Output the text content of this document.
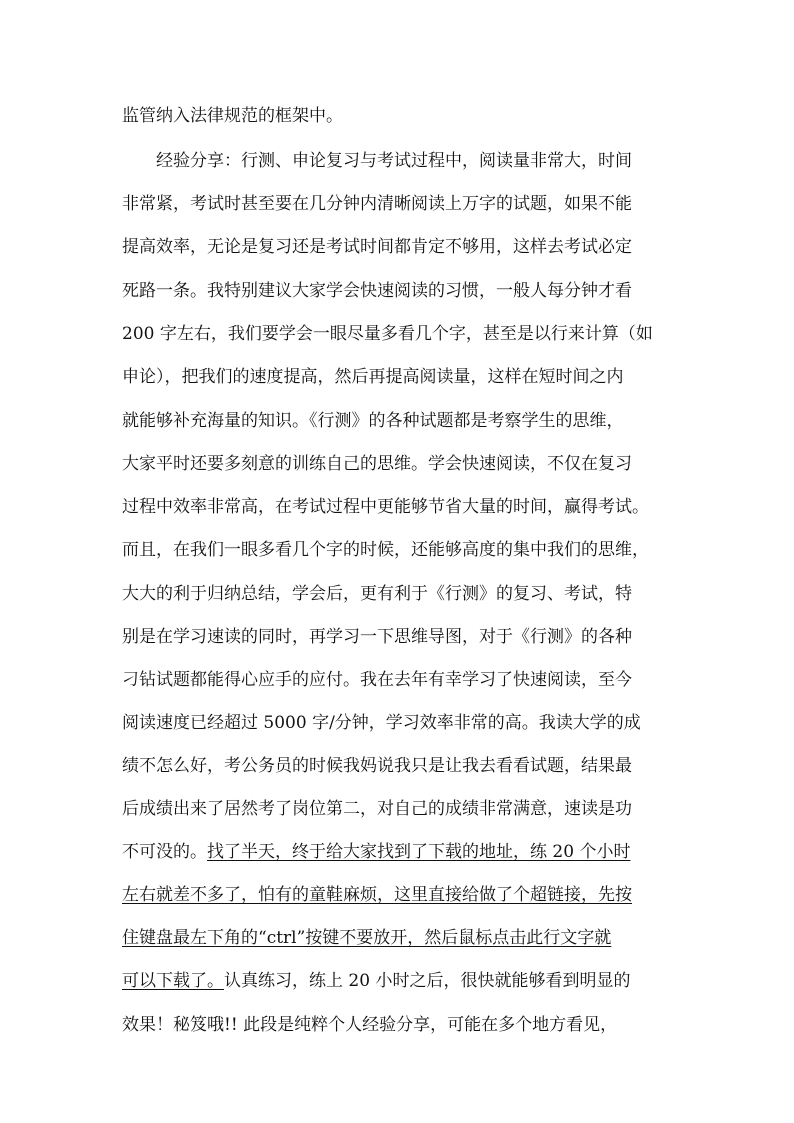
监管纳入法律规范的框架中。
经验分享：行测、申论复习与考试过程中，阅读量非常大，时间
非常紧，考试时甚至要在几分钟内清晰阅读上万字的试题，如果不能
提高效率，无论是复习还是考试时间都肯定不够用，这样去考试必定
死路一条。我特别建议大家学会快速阅读的习惯，一般人每分钟才看
200 字左右，我们要学会一眼尽量多看几个字，甚至是以行来计算（如
申论），把我们的速度提高，然后再提高阅读量，这样在短时间之内
就能够补充海量的知识。《行测》的各种试题都是考察学生的思维，
大家平时还要多刻意的训练自己的思维。学会快速阅读，不仅在复习
过程中效率非常高，在考试过程中更能够节省大量的时间，赢得考试。
而且，在我们一眼多看几个字的时候，还能够高度的集中我们的思维，
大大的利于归纳总结，学会后，更有利于《行测》的复习、考试，特
别是在学习速读的同时，再学习一下思维导图，对于《行测》的各种
刁钻试题都能得心应手的应付。我在去年有幸学习了快速阅读，至今
阅读速度已经超过 5000 字/分钟，学习效率非常的高。我读大学的成
绩不怎么好，考公务员的时候我妈说我只是让我去看看试题，结果最
后成绩出来了居然考了岗位第二，对自己的成绩非常满意，速读是功
不可没的。找了半天，终于给大家找到了下载的地址，练 20 个小时
左右就差不多了，怕有的童鞋麻烦，这里直接给做了个超链接，先按
住键盘最左下角的“ctrl”按键不要放开，然后鼠标点击此行文字就
可以下载了。认真练习，练上 20 小时之后，很快就能够看到明显的
效果！秘笈哦!! 此段是纯粹个人经验分享，可能在多个地方看见，
